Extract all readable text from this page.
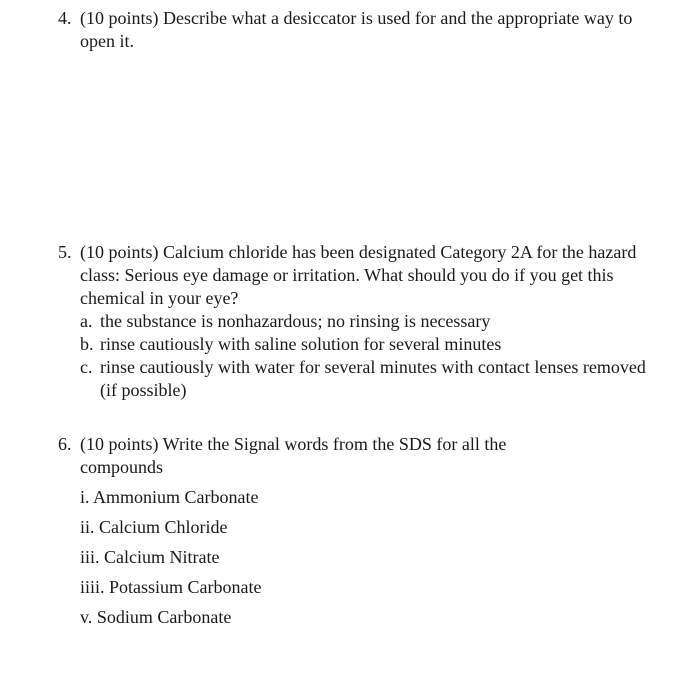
4. (10 points) Describe what a desiccator is used for and the appropriate way to open it.
5. (10 points) Calcium chloride has been designated Category 2A for the hazard class: Serious eye damage or irritation. What should you do if you get this chemical in your eye?
a. the substance is nonhazardous; no rinsing is necessary
b. rinse cautiously with saline solution for several minutes
c. rinse cautiously with water for several minutes with contact lenses removed (if possible)
6. (10 points) Write the Signal words from the SDS for all the compounds
i. Ammonium Carbonate
ii. Calcium Chloride
iii. Calcium Nitrate
iiii. Potassium Carbonate
v. Sodium Carbonate
